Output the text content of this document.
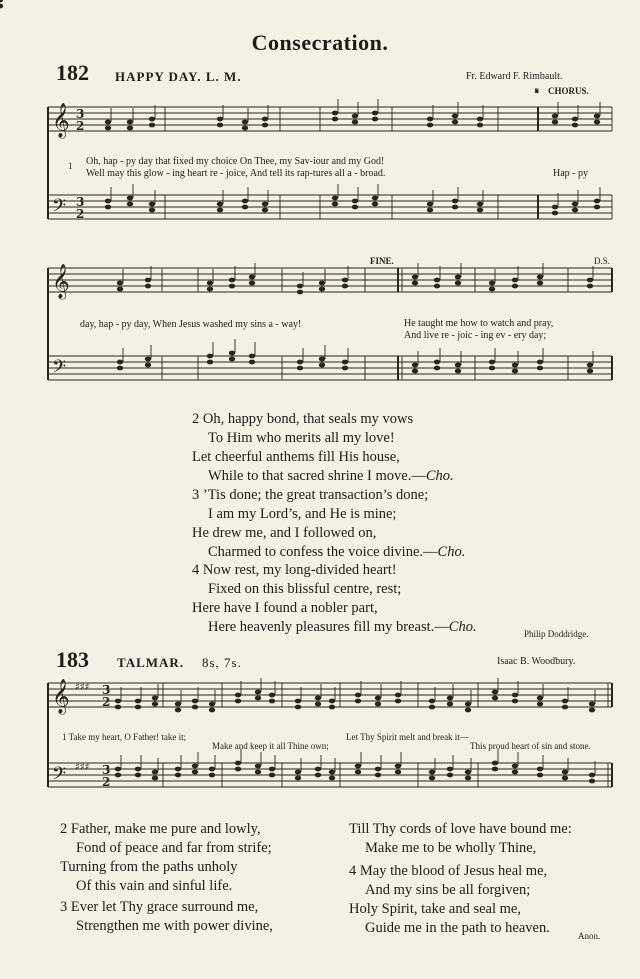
Consecration.
182 HAPPY DAY. L. M.	Fr. Edward F. Rimbault.
𝄋 CHORUS.
𝄞
𝄢
𝄞
𝄢
𝄞
𝄢
3
2
3
2
3
2
3
2
♯♯♯
♯♯♯
1 Oh, hap - py day that fixed my choice On Thee, my Sav-iour and my God!
Well may this glow - ing heart re - joice, And tell its rap-tures all a - broad.	Hap - py
FINE.	D.S.
day, hap - py day, When Jesus washed my sins a - way!	He taught me how to watch and pray,
And live re - joic - ing ev - ery day;
2 Oh, happy bond, that seals my vows
To Him who merits all my love!
Let cheerful anthems fill His house,
While to that sacred shrine I move.—Cho.
3 ’Tis done; the great transaction’s done;
I am my Lord’s, and He is mine;
He drew me, and I followed on,
Charmed to confess the voice divine.—Cho.
4 Now rest, my long-divided heart!
Fixed on this blissful centre, rest;
Here have I found a nobler part,
Here heavenly pleasures fill my breast.—Cho.	Philip Doddridge.
183 TALMAR. 8s, 7s.	Isaac B. Woodbury.
1 Take my heart, O Father! take it;
Make and keep it all Thine own;
Let Thy Spirit melt and break it—
This proud heart of sin and stone.
2 Father, make me pure and lowly,
Fond of peace and far from strife;
Turning from the paths unholy
Of this vain and sinful life.
3 Ever let Thy grace surround me,
Strengthen me with power divine,
Till Thy cords of love have bound me:
Make me to be wholly Thine,
4 May the blood of Jesus heal me,
And my sins be all forgiven;
Holy Spirit, take and seal me,
Guide me in the path to heaven.	Anon.
